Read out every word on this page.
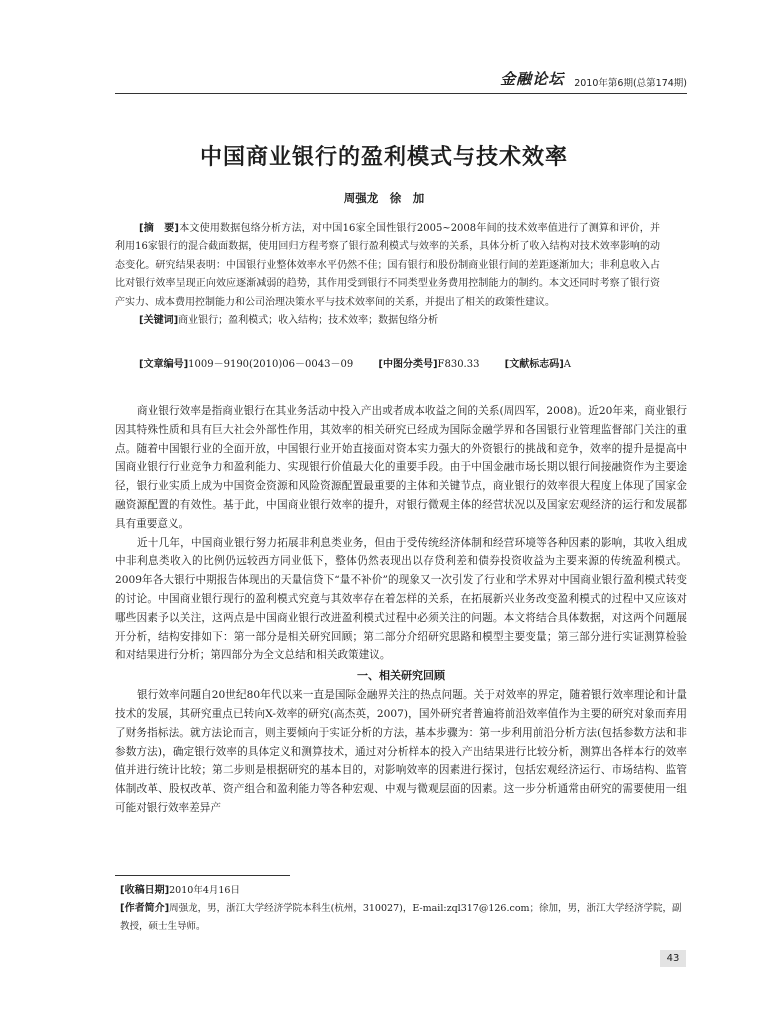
金融论坛 2010年第6期(总第174期)
中国商业银行的盈利模式与技术效率
周强龙　徐　加

[摘　要]本文使用数据包络分析方法，对中国16家全国性银行2005~2008年间的技术效率值进行了测算和评价，并利用16家银行的混合截面数据，使用回归方程考察了银行盈利模式与效率的关系，具体分析了收入结构对技术效率影响的动态变化。研究结果表明：中国银行业整体效率水平仍然不佳；国有银行和股份制商业银行间的差距逐渐加大；非利息收入占比对银行效率呈现正向效应逐渐减弱的趋势，其作用受到银行不同类型业务费用控制能力的制约。本文还同时考察了银行资产实力、成本费用控制能力和公司治理决策水平与技术效率间的关系，并提出了相关的政策性建议。

[关键词]商业银行；盈利模式；收入结构；技术效率；数据包络分析

[文章编号]1009－9190(2010)06－0043－09	[中图分类号]F830.33	[文献标志码]A

商业银行效率是指商业银行在其业务活动中投入产出或者成本收益之间的关系(周四军，2008)。近20年来，商业银行因其特殊性质和具有巨大社会外部性作用，其效率的相关研究已经成为国际金融学界和各国银行业管理监督部门关注的重点。随着中国银行业的全面开放，中国银行业开始直接面对资本实力强大的外资银行的挑战和竞争，效率的提升是提高中国商业银行行业竞争力和盈利能力、实现银行价值最大化的重要手段。由于中国金融市场长期以银行间接融资作为主要途径，银行业实质上成为中国资金资源和风险资源配置最重要的主体和关键节点，商业银行的效率很大程度上体现了国家金融资源配置的有效性。基于此，中国商业银行效率的提升，对银行微观主体的经营状况以及国家宏观经济的运行和发展都具有重要意义。

近十几年，中国商业银行努力拓展非利息类业务，但由于受传统经济体制和经营环境等各种因素的影响，其收入组成中非利息类收入的比例仍远较西方同业低下，整体仍然表现出以存贷利差和债券投资收益为主要来源的传统盈利模式。2009年各大银行中期报告体现出的天量信贷下“量不补价”的现象又一次引发了行业和学术界对中国商业银行盈利模式转变的讨论。中国商业银行现行的盈利模式究竟与其效率存在着怎样的关系，在拓展新兴业务改变盈利模式的过程中又应该对哪些因素予以关注，这两点是中国商业银行改进盈利模式过程中必须关注的问题。本文将结合具体数据，对这两个问题展开分析，结构安排如下：第一部分是相关研究回顾；第二部分介绍研究思路和模型主要变量；第三部分进行实证测算检验和对结果进行分析；第四部分为全文总结和相关政策建议。

一、相关研究回顾

银行效率问题自20世纪80年代以来一直是国际金融界关注的热点问题。关于对效率的界定，随着银行效率理论和计量技术的发展，其研究重点已转向X-效率的研究(高杰英，2007)，国外研究者普遍将前沿效率值作为主要的研究对象而弃用了财务指标法。就方法论而言，则主要倾向于实证分析的方法，基本步骤为：第一步利用前沿分析方法(包括参数方法和非参数方法)，确定银行效率的具体定义和测算技术，通过对分析样本的投入产出结果进行比较分析，测算出各样本行的效率值并进行统计比较；第二步则是根据研究的基本目的，对影响效率的因素进行探讨，包括宏观经济运行、市场结构、监管体制改革、股权改革、资产组合和盈利能力等各种宏观、中观与微观层面的因素。这一步分析通常由研究的需要使用一组可能对银行效率差异产

[收稿日期]2010年4月16日

[作者简介]周强龙，男，浙江大学经济学院本科生(杭州，310027)，E-mail:zql317@126.com；徐加，男，浙江大学经济学院，副教授，硕士生导师。

43
